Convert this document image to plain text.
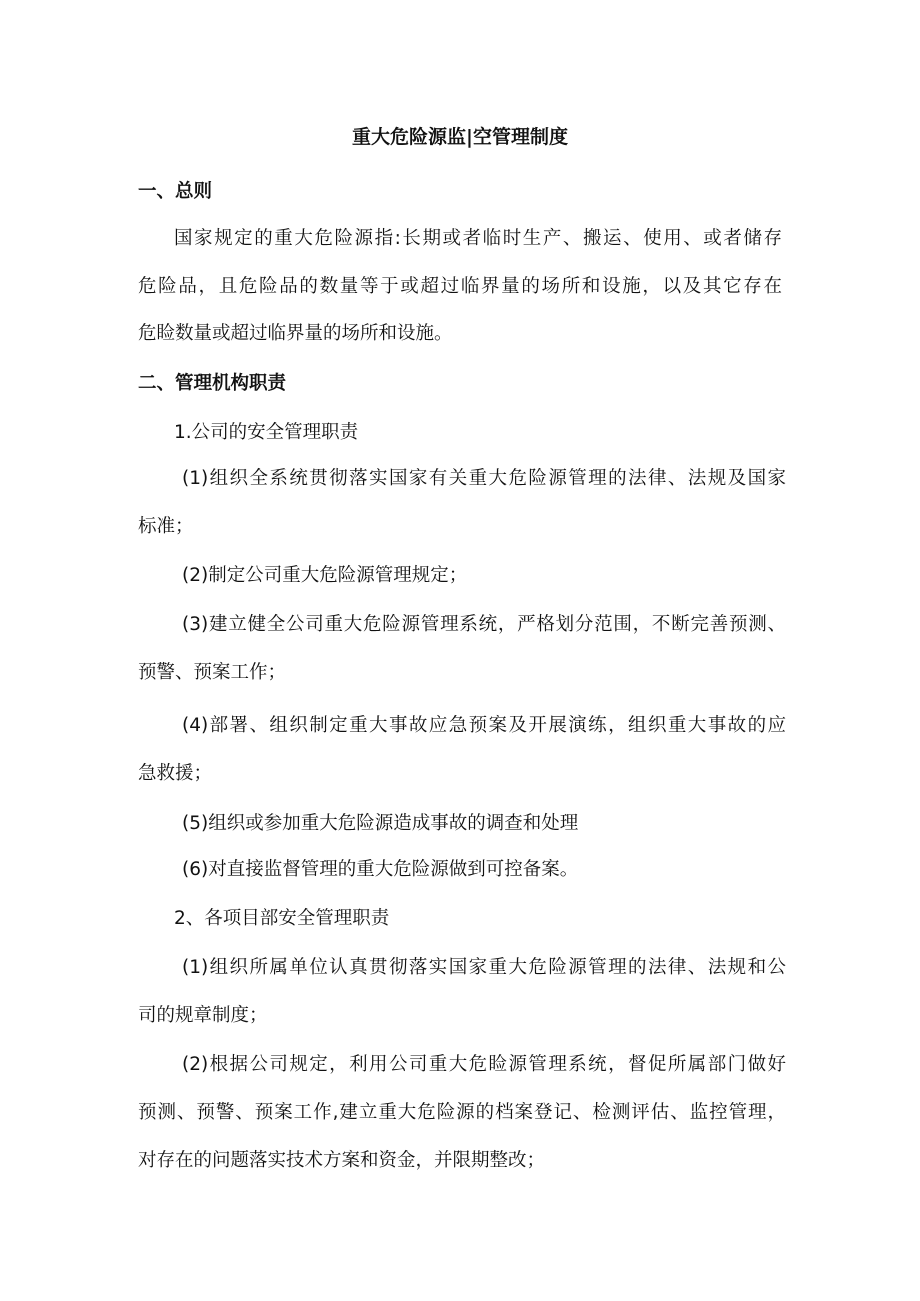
重大危险源监|空管理制度
一、总则
国家规定的重大危险源指:长期或者临时生产、搬运、使用、或者储存
危险品，且危险品的数量等于或超过临界量的场所和设施，以及其它存在
危睑数量或超过临界量的场所和设施。
二、管理机构职责
1.公司的安全管理职责
(1)组织全系统贯彻落实国家有关重大危险源管理的法律、法规及国家
标准；
(2)制定公司重大危险源管理规定；
(3)建立健全公司重大危险源管理系统，严格划分范围，不断完善预测、
预警、预案工作；
(4)部署、组织制定重大事故应急预案及开展演练，组织重大事故的应
急救援；
(5)组织或参加重大危险源造成事故的调查和处理
(6)对直接监督管理的重大危险源做到可控备案。
2、各项目部安全管理职责
(1)组织所属单位认真贯彻落实国家重大危险源管理的法律、法规和公
司的规章制度；
(2)根据公司规定，利用公司重大危睑源管理系统，督促所属部门做好
预测、预警、预案工作,建立重大危险源的档案登记、检测评估、监控管理，
对存在的问题落实技术方案和资金，并限期整改；
